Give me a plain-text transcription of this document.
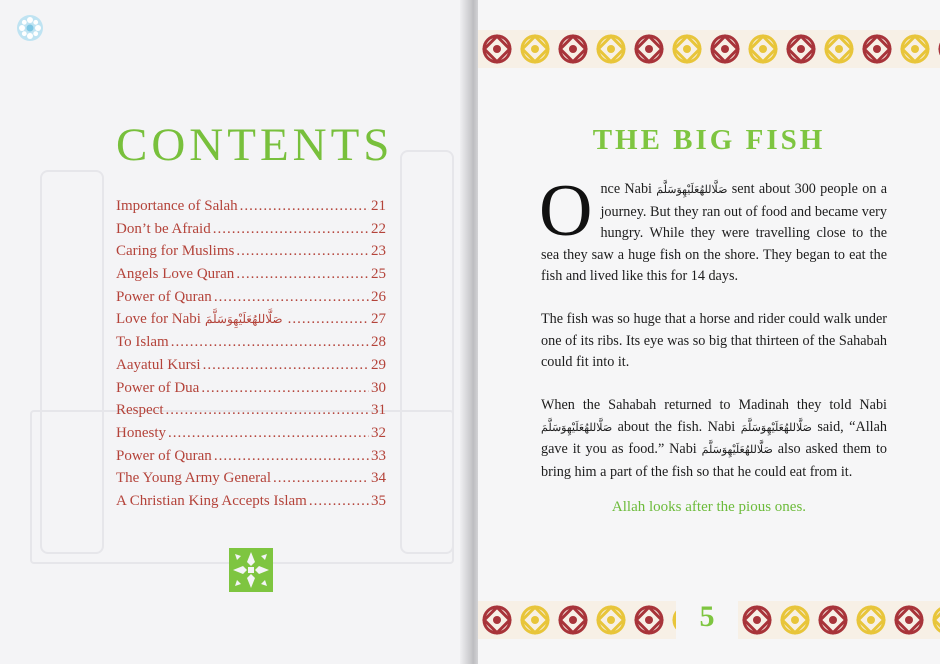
CONTENTS
Importance of Salah .....	21
Don’t be Afraid .....	22
Caring for Muslims .....	23
Angels Love Quran .....	25
Power of Quran .....	26
Love for Nabi صَلَّاللهُعَلَيْهِوَسَلَّمَ .....	27
To Islam .....	28
Aayatul Kursi .....	29
Power of Dua .....	30
Respect .....	31
Honesty .....	32
Power of Quran .....	33
The Young Army General .....	34
A Christian King Accepts Islam .....	35
THE BIG FISH

Once Nabi صَلَّاللهُعَلَيْهِوَسَلَّمَ sent about 300 people on a journey. But they ran out of food and became very hungry. While they were travelling close to the sea they saw a huge fish on the shore. They began to eat the fish and lived like this for 14 days.

The fish was so huge that a horse and rider could walk under one of its ribs. Its eye was so big that thirteen of the Sahabah could fit into it.

When the Sahabah returned to Madinah they told Nabi صَلَّاللهُعَلَيْهِوَسَلَّمَ about the fish. Nabi صَلَّاللهُعَلَيْهِوَسَلَّمَ said, “Allah gave it you as food.” Nabi صَلَّاللهُعَلَيْهِوَسَلَّمَ also asked them to bring him a part of the fish so that he could eat from it.

Allah looks after the pious ones.
5
